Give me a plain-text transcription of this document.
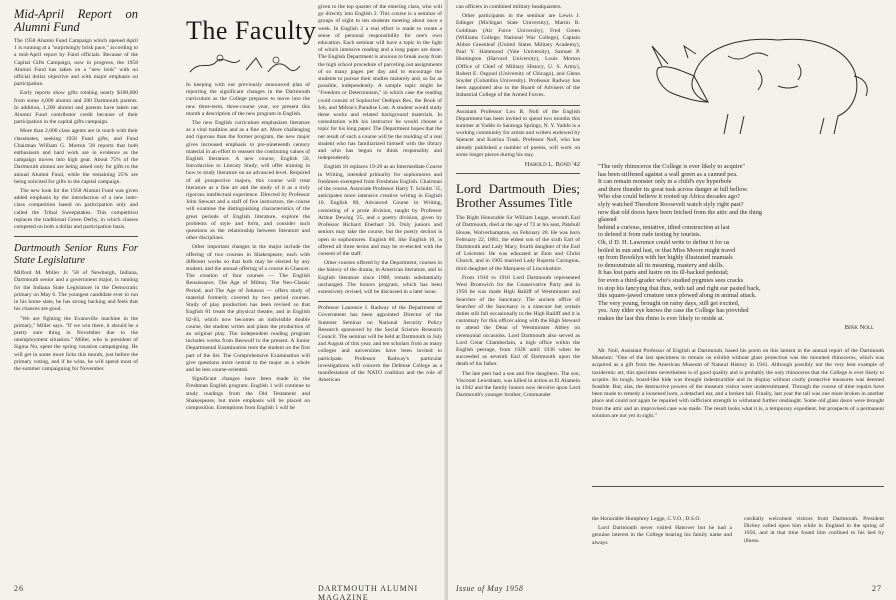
Mid-April Report on Alumni Fund

The 1958 Alumni Fund Campaign which opened April 1 is running at a "surprisingly brisk pace," according to a mid-April report by Fund officials. Because of the Capital Gifts Campaign, now in progress, the 1958 Alumni Fund has taken on a "new look" with no official dollar objective and with major emphasis on participation.

Early reports show gifts totaling nearly $100,000 from some 4,000 alumni and 200 Dartmouth parents. In addition, 1,200 alumni and parents have taken out Alumni Fund contributor credit because of their participation in the capital gifts campaign.

More than 2,000 class agents are in touch with their classmates, seeking 1958 Fund gifts, and Fund Chairman William G. Morton '28 reports that both enthusiasm and hard work are in evidence as the campaign moves into high gear. About 75% of the Dartmouth alumni are being asked only for gifts to the annual Alumni Fund, while the remaining 25% are being solicited for gifts to the capital campaign.

The new look for the 1958 Alumni Fund was given added emphasis by the introduction of a new inter-class competition based on participation only and called the Tribal Sweepstakes. This competition replaces the traditional Green Derby, in which classes competed on both a dollar and participation basis.

Dartmouth Senior Runs For State Legislature

Milford M. Miller Jr. '58 of Newburgh, Indiana, Dartmouth senior and a government major, is running for the Indiana State Legislature in the Democratic primary on May 6. The youngest candidate ever to run in his home state, he has strong backing and feels that his chances are good.

"We are fighting the Evansville machine in the primary," Miller says. "If we win there, it should be a pretty sure thing in November due to the unemployment situation." Miller, who is president of Sigma Nu, spent the spring vacation campaigning. He will get in some more licks this month, just before the primary voting, and if he wins, he will spend most of the summer campaigning for November.

The Faculty

In keeping with our previously announced plan of reporting the significant changes in the Dartmouth curriculum as the College prepares to move into the new three-term, three-course year, we present this month a description of the new program in English.

The new English curriculum emphasizes literature as a vital tradition and as a fine art. More challenging and rigorous than the former program, the new major gives increased emphasis to pre-nineteenth century material in an effort to reassert the continuing values of English literature. A new course, English 50, Introduction to Literary Study, will offer training in how to study literature on an advanced level. Required of all prospective majors, this course will treat literature as a fine art and the study of it as a truly rigorous intellectual experience. Directed by Professor John Stewart and a staff of five instructors, the course will examine the distinguishing characteristics of the great periods of English literature, explore the problems of style and form, and consider such questions as the relationship between literature and other disciplines.

Other important changes in the major include the offering of two courses in Shakespeare, each with different works so that both may be elected by any student, and the annual offering of a course in Chaucer. The creation of four courses — The English Renaissance, The Age of Milton, The Neo-Classic Period, and The Age of Johnson — offers study of material formerly covered by two period courses. Study of play production has been revised so that English 81 treats the physical theatre, and in English 82-83, which now becomes an indivisible double course, the student writes and plans the production of an original play. The independent reading program includes works from Beowulf to the present. A Junior Departmental Examination tests the student on the first part of the list. The Comprehensive Examination will give questions more central to the major as a whole and be less course-oriented.

Significant changes have been made in the Freshman English program. English 1 will continue to study readings from the Old Testament and Shakespeare, but more emphasis will be placed on composition. Exemptions from English 1 will be

given to the top quarter of the entering class, who will go directly into English 2. This course is a seminar of groups of eight to ten students meeting about once a week. In English 2 a real effort is made to create a sense of personal responsibility for one's own education. Each seminar will have a topic in the light of which intensive reading and a long paper are done. The English Department is anxious to break away from the high school procedure of parceling out assignments of so many pages per day and to encourage the students to pursue their studies maturely and, so far as possible, independently. A sample topic might be "Freedom or Determinism," in which case the reading could consist of Sophocles' Oedipus Rex, the Book of Job, and Milton's Paradise Lost. A student would study these works and related background materials. In consultation with his instructor he would choose a topic for his long paper. The Department hopes that the net result of such a course will be the molding of a real student who has familiarized himself with the library and who has begun to think responsibly and independently.

English 10 replaces 19-20 as an Intermediate Course in Writing, intended primarily for sophomores and freshmen exempted from Freshman English. Chairman of the course, Associate Professor Harry T. Schultz '35, anticipates more intensive creative writing in English 10. English 80, Advanced Course in Writing, consisting of a prose division, taught by Professor Arthur Dewing '25, and a poetry division, given by Professor Richard Eberhart '26. Only juniors and seniors may take the course, but the poetry section is open to sophomores. English 80, like English 10, is offered all three terms and may be re-elected with the consent of the staff.

Other courses offered by the Department, courses in the history of the drama, in American literature, and in English literature since 1900, remain substantially unchanged. The honors program, which has been extensively revised, will be discussed in a later issue.

Professor Laurence I. Radway of the Department of Government has been appointed Director of the Summer Seminar on National Security Policy Research sponsored by the Social Science Research Council. The seminar will be held at Dartmouth in July and August of this year, and ten scholars from as many colleges and universities have been invited to participate. Professor Radway's particular investigations will concern the Defense College as a manifestation of the NATO coalition and the role of American

26	DARTMOUTH ALUMNI MAGAZINE

can officers in combined military headquarters.

Other participants in the seminar are Lewis J. Edinger (Michigan State University), Martin R. Goldman (Air Force University), Fred Green (Williams College; National War College), Captain Abbot Greenleaf (United States Military Academy), Paul Y. Hammond (Yale University), Samuel P. Huntington (Harvard University), Louis Morton (Office of Chief of Military History, U. S. Army), Robert E. Osgood (University of Chicago), and Glenn Snyder (Columbia University). Professor Radway has been appointed also to the Board of Advisers of the Industrial College of the Armed Forces.

Assistant Professor Lou B. Noll of the English Department has been invited to spend two months this summer at Yaddo in Saratoga Springs, N. Y. Yaddo is a working community for artists and writers endowed by Spencer and Katrina Trask. Professor Noll, who has already published a number of poems, will work on some longer pieces during his stay.

Harold L. Bond '42
Lord Dartmouth Dies; Brother Assumes Title

The Right Honorable Sir William Legge, seventh Earl of Dartmouth, died at the age of 72 at his seat, Patshull House, Wolverhampton, on February 28. He was born February 22, 1881, the eldest son of the sixth Earl of Dartmouth and Lady Mary, fourth daughter of the Earl of Leicester. He was educated at Eton and Christ Church, and in 1905 married Lady Ruperta Carington, third daughter of the Marquess of Lincolnshire.

From 1910 to 1918 Lord Dartmouth represented West Bromwich for the Conservative Party and in 1950 he was made High Bailiff of Westminster and Searcher of the Sanctuary. The ancient office of Searcher of the Sanctuary is a sinecure but certain duties still fall occasionally to the High Bailiff and it is customary for this officer along with the High Steward to attend the Dean of Westminster Abbey on ceremonial occasions. Lord Dartmouth also served as Lord Great Chamberlain, a high office within the English peerage, from 1928 until 1936 when he succeeded as seventh Earl of Dartmouth upon the death of his father.

The late peer had a son and five daughters. The son, Viscount Lewisham, was killed in action at El Alamein in 1942 and the family honors now devolve upon Lord Dartmouth's younger brother, Commander

"The only rhinoceros the College is ever likely to acquire"
has been stiffened against a wall green as a canned pea.
It can remain monster only in a child's eye hyperbole
and there thunder its great tusk across danger at full bellow.
Who else could believe it rooted up Africa decades ago?
slyly watched Theodore Roosevelt watch slyly right past?
now that old doors have been fetched from the attic and the thing
glassed
behind a curious, tentative, tilted construction at last
to defend it from rude testing by tourists.
Oh, if D. H. Lawrence could write to define it for us
boiled in sun and lust, or that Miss Moore might travel
up from Brooklyn with her highly illustrated manuals
to demonstrate all its meaning, mastery and skills.
It has lost parts and lustre on its ill-backed pedestal;
for even a third-grader who's studied pygmies sees cracks
to stop his fancying that thus, with tail and right ear pasted back,
this square-jawed creature once plowed along in animal attack.
The very young, brought on rainy days, still get excited,
yes. Any elder eye knows the case the College has provided
makes the last this rhino is ever likely to reside at.
Bink Noll

Mr. Noll, Assistant Professor of English at Dartmouth, based his poem on this lament in the annual report of the Dartmouth Museum: "One of the last specimens to remain on exhibit without glass protection was the mounted rhinoceros, which was acquired as a gift from the American Museum of Natural History in 1941. Although possibly not the very best example of taxidermic art, this specimen nevertheless is of good quality and is probably the only rhinoceros that the College is ever likely to acquire. Its tough, board-like hide was thought indestructible and its display without costly protective measures was deemed feasible. But, alas, the destructive powers of the museum visitor were underestimated. Through the course of time repairs have been made to remedy a loosened horn, a detached ear, and a broken tail. Finally, last year the tail was one more broken in another place and could not again be repaired with sufficient strength to withstand further onslaught. Some old glass doors were brought from the attic and an improvised case was made. The result looks what it is, a temporary expedient, but prospects of a permanent solution are not yet in sight."

the Honorable Humphrey Legge, C.V.O., D.S.O.

Lord Dartmouth never visited Hanover but he had a genuine interest in the College bearing his family name and always

cordially welcomed visitors from Dartmouth. President Dickey called upon him while in England in the spring of 1956, and at that time found him confined to his bed by illness.

Issue of May 1958	27
